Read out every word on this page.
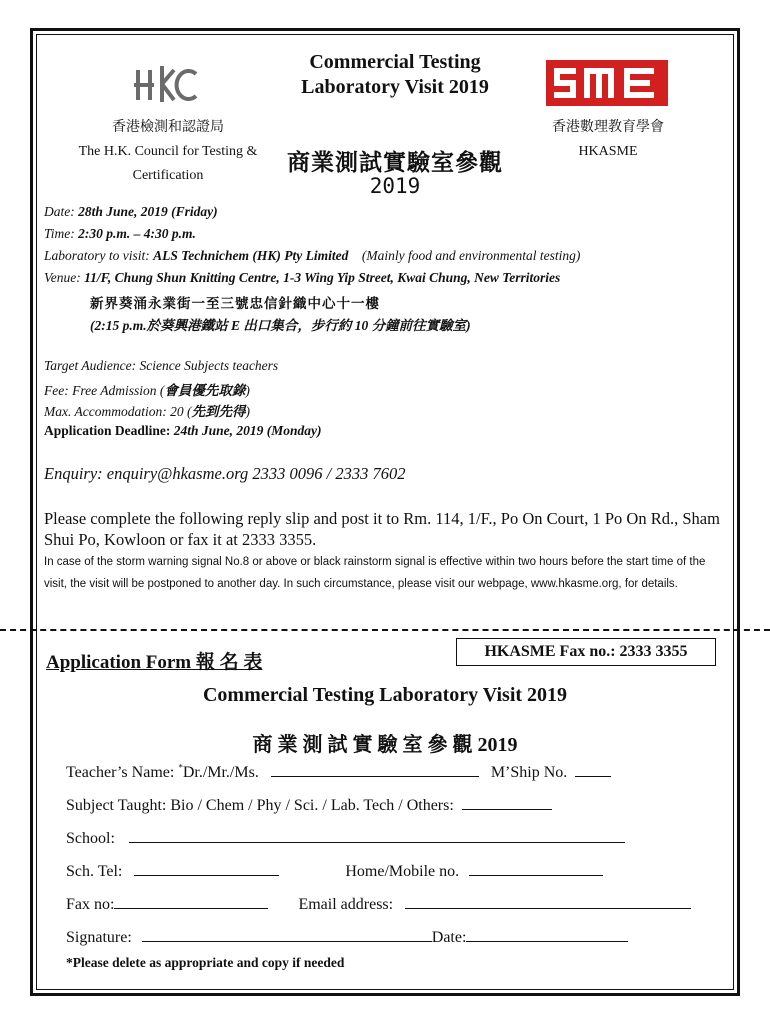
Commercial Testing
Laboratory Visit 2019
商業測試實驗室參觀
2019
香港檢測和認證局
The H.K. Council for Testing &
Certification
香港數理教育學會
HKASME
Date: 28th June, 2019 (Friday)
Time: 2:30 p.m. – 4:30 p.m.
Laboratory to visit: ALS Technichem (HK) Pty Limited (Mainly food and environmental testing)
Venue: 11/F, Chung Shun Knitting Centre, 1-3 Wing Yip Street, Kwai Chung, New Territories
新界葵涌永業街一至三號忠信針織中心十一樓
(2:15 p.m.於葵興港鐵站 E 出口集合，步行約 10 分鐘前往實驗室)
Target Audience: Science Subjects teachers
Fee: Free Admission (會員優先取錄)
Max. Accommodation: 20 (先到先得)
Application Deadline: 24th June, 2019 (Monday)
Enquiry: enquiry@hkasme.org 2333 0096 / 2333 7602
Please complete the following reply slip and post it to Rm. 114, 1/F., Po On Court, 1 Po On Rd., Sham Shui Po, Kowloon or fax it at 2333 3355.
In case of the storm warning signal No.8 or above or black rainstorm signal is effective within two hours before the start time of the visit, the visit will be postponed to another day. In such circumstance, please visit our webpage, www.hkasme.org, for details.
Application Form 報 名 表
HKASME Fax no.: 2333 3355
Commercial Testing Laboratory Visit 2019
商 業 測 試 實 驗 室 參 觀 2019
Teacher’s Name: *Dr./Mr./Ms.	M’Ship No.
Subject Taught: Bio / Chem / Phy / Sci. / Lab. Tech / Others:
School:
Sch. Tel:	Home/Mobile no.
Fax no:	Email address:
Signature:	Date:
*Please delete as appropriate and copy if needed
